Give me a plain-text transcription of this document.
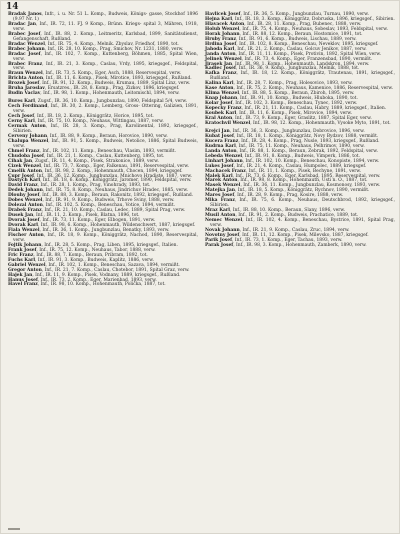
14

Bradak Janos, Infr., i. u. Nr. 51 L. Komp., Budweis, Königs- gasse, Stockhof 1896 (9.97 Nr. 1)

Bradac Jan, Inf., IR. 72, 11. FJ. 9 Komp., Brünn. Kriegs- spital 3, Mähren, 1918, verw.

Brabec Josef, Inf., IR. 88, 2. Komp., Leitmeritz, Karlsbad, 1899, Sanitätsdienst, Gefangenschaft, Rußland.

Bradac Wenzel, Inf., IR. 75, 4. Komp., Melnik. Zbyslav, Friedhof, 1890, tot.

Brabec Johann, Inf., IR. 28, 10. Komp., Prag, Smichov, Nr. 1231, 1880, verw.

Bradac Josef, Inf., IR. 102, 7. Komp., Kuttenberg, Böhmen, 1885, Spital Wien, verw.

Brabec Franz, Inf., IR. 21, 3. Komp., Caslau, Vrdy, 1895, kriegsgef., Feldspital, verw.

Braun Wenzel, Inf., IR. 73, 5. Komp., Eger, Asch, 1888, Reservespital, verw.

Brichta Anton, Inf., IR. 11, 6. Komp., Pisek, Mirotice, 1893, kriegsgef., Rußland.

Brozek Josef, Inf., IR. 91, 12. Komp., Budweis, Krumau, 1889, Spital Linz, verw.

Bruha Jaroslav, Ersatzres., IR. 28, 8. Komp., Prag, Zizkov, 1896, kriegsgef.

Budin Vaclav, Inf., IR. 98, 1. Komp., Hohenmauth, Leitomischl, 1894, verw.

Bures Karl, Zugsf., IR. 36, 10. Komp., Jungbunzlau, 1890, Feldspital 5/4, verw.

Cech Ferdinand, Inf., IR. 30, 2. Komp., Lemberg, Gross- Ottering, Galizien, 1891, verw.

Cech Josef, Inf., IR. 18, 2. Komp., Königgrätz, Horice, 1895, tot.

Cerny Karl, Inf., IR. 75, 10. Komp., Neuhaus, Wittingau, 1887, verw.

Cermak Anton, Inf., IR. 28, 3. Komp., Prag, Karolinental, 1892, kriegsgef., Sibirien.

Cerveny Johann, Inf., IR. 88, 9. Komp., Beraun, Horovice, 1890, verw.

Chalupa Wenzel, Inf., IR. 91, 5. Komp., Budweis, Netolice, 1886, Spital Budweis, verw.

Chmel Franz, Inf., IR. 102, 11. Komp., Beneschau, Vlasim, 1893, vermißt.

Chudoba Josef, Inf., IR. 21, 1. Komp., Caslau, Kuttenberg, 1895, tot.

Cihak Jan, Zugsf., IR. 11, 4. Komp., Pisek, Strakonice, 1889, verw.

Cizek Wenzel, Inf., IR. 73, 7. Komp., Eger, Falkenau, 1891, Reservespital, verw.

Cmelik Anton, Inf., IR. 98, 2. Komp., Hohenmauth, Chocen, 1894, kriegsgef.

Cupr Josef, Inf., IR. 36, 12. Komp., Jungbunzlau, Mnichovo Hradiste, 1887, verw.

Dastych Karl, Inf., IR. 18, 6. Komp., Königgrätz, Jaromer, 1890, Feldspital, verw.

David Franz, Inf., IR. 28, 1. Komp., Prag, Vinohrady, 1893, tot.

Dedek Johann, Inf., IR. 75, 8. Komp., Neuhaus, Jindrichuv Hradec, 1885, verw.

Dlouhy Josef, Inf., IR. 88, 3. Komp., Beraun, Rakonitz, 1892, kriegsgef., Rußland.

Dobes Wenzel, Inf., IR. 91, 9. Komp., Budweis, Trhove Sviny, 1888, verw.

Dolezal Anton, Inf., IR. 102, 5. Komp., Beneschau, Votice, 1894, vermißt.

Drabek Franz, Inf., IR. 21, 10. Komp., Caslau, Ledec, 1889, Spital Prag, verw.

Dusek Jan, Inf., IR. 11, 2. Komp., Pisek, Blatna, 1896, tot.

Dvorak Josef, Inf., IR. 73, 11. Komp., Eger, Elbogen, 1891, verw.

Dvorak Karl, Inf., IR. 98, 6. Komp., Hohenmauth, Wildenschwert, 1887, kriegsgef.

Fiala Wenzel, Inf., IR. 36, 1. Komp., Jungbunzlau, Benatky, 1893, verw.

Fischer Anton, Inf., IR. 18, 9. Komp., Königgrätz, Nachod, 1890, Reservespital, verw.

Fojtik Johann, Inf., IR. 28, 5. Komp., Prag, Liben, 1895, kriegsgef., Italien.

Frank Josef, Inf., IR. 75, 12. Komp., Neuhaus, Tabor, 1888, verw.

Fric Franz, Inf., IR. 88, 7. Komp., Beraun, Pribram, 1892, tot.

Fuchs Karl, Inf., IR. 91, 3. Komp., Budweis, Kaplitz, 1886, verw.

Gabriel Wenzel, Inf., IR. 102, 1. Komp., Beneschau, Sazava, 1894, vermißt.

Gregor Anton, Inf., IR. 21, 7. Komp., Caslau, Chotebor, 1891, Spital Graz, verw.

Hajek Jan, Inf., IR. 11, 9. Komp., Pisek, Vodnany, 1889, kriegsgef., Rußland.

Hanus Josef, Inf., IR. 73, 2. Komp., Eger, Marienbad, 1893, verw.

Havel Franz, Inf., IR. 98, 10. Komp., Hohenmauth, Polička, 1887, tot.

Havlicek Josef, Inf., IR. 36, 5. Komp., Jungbunzlau, Turnau, 1890, verw.

Hejna Karl, Inf., IR. 18, 3. Komp., Königgrätz, Dobruska, 1896, kriegsgef., Sibirien.

Hlavacek Anton, Inf., IR. 28, 11. Komp., Prag, Bubenec, 1888, verw.

Holub Wenzel, Inf., IR. 75, 4. Komp., Neuhaus, Sobeslav, 1893, Feldspital, verw.

Horak Johann, Inf., IR. 88, 12. Komp., Beraun, Hostomice, 1891, tot.

Hruby Franz, Inf., IR. 91, 6. Komp., Budweis, Lischau, 1889, verw.

Hrdina Josef, Inf., IR. 102, 8. Komp., Beneschau, Neveklov, 1895, kriegsgef.

Jahoda Karl, Inf., IR. 21, 2. Komp., Caslau, Golcuv Jenikov, 1887, verw.

Janda Anton, Inf., IR. 11, 11. Komp., Pisek, Protivin, 1892, Spital Wien, verw.

Jelinek Wenzel, Inf., IR. 73, 4. Komp., Eger, Franzensbad, 1890, vermißt.

Jirasek Jan, Inf., IR. 98, 1. Komp., Hohenmauth, Landskron, 1894, verw.

Kadlec Josef, Inf., IR. 36, 9. Komp., Jungbunzlau, Melnik, 1888, tot.

Kafka Franz, Inf., IR. 18, 12. Komp., Königgrätz, Trautenau, 1891, kriegsgef., Rußland.

Kalina Karl, Inf., IR. 28, 7. Komp., Prag, Holesovice, 1893, verw.

Kase Anton, Inf., IR. 75, 2. Komp., Neuhaus, Kamenice, 1886, Reservespital, verw.

Klima Wenzel, Inf., IR. 88, 5. Komp., Beraun, Zbiroh, 1895, verw.

Knap Johann, Inf., IR. 91, 10. Komp., Budweis, Hluboka, 1890, tot.

Kolar Josef, Inf., IR. 102, 3. Komp., Beneschau, Tynec, 1892, verw.

Kopecky Franz, Inf., IR. 21, 11. Komp., Caslau, Habry, 1889, kriegsgef., Italien.

Koubek Karl, Inf., IR. 11, 6. Komp., Pisek, Mirovice, 1894, verw.

Kral Anton, Inf., IR. 73, 9. Komp., Eger, Graslitz, 1887, Spital Eger, verw.

Kratochvil Wenzel, Inf., IR. 98, 12. Komp., Hohenmauth, Vysoke Myto, 1891, tot.

Krejci Jan, Inf., IR. 36, 3. Komp., Jungbunzlau, Dobrovice, 1896, verw.

Kubat Josef, Inf., IR. 18, 1. Komp., Königgrätz, Novy Bydzov, 1888, vermißt.

Kucera Franz, Inf., IR. 28, 4. Komp., Prag, Nusle, 1893, kriegsgef., Rußland.

Kudrna Karl, Inf., IR. 75, 11. Komp., Neuhaus, Pelhrimov, 1890, verw.

Landa Anton, Inf., IR. 88, 1. Komp., Beraun, Zebrak, 1892, Feldspital, verw.

Lebeda Wenzel, Inf., IR. 91, 8. Komp., Budweis, Vimperk, 1886, tot.

Linhart Johann, Inf., IR. 102, 10. Komp., Beneschau, Konopiste, 1894, verw.

Lukes Josef, Inf., IR. 21, 4. Komp., Caslau, Humpolec, 1889, kriegsgef.

Machacek Franz, Inf., IR. 11, 1. Komp., Pisek, Bechyne, 1891, verw.

Malek Karl, Inf., IR. 73, 6. Komp., Eger, Karlsbad, 1895, Reservespital, verw.

Marek Anton, Inf., IR. 98, 8. Komp., Hohenmauth, Usti n. O., 1887, tot.

Masek Wenzel, Inf., IR. 36, 11. Komp., Jungbunzlau, Kosmonosy, 1893, verw.

Matejka Jan, Inf., IR. 18, 5. Komp., Königgrätz, Rychnov, 1890, vermißt.

Mares Josef, Inf., IR. 28, 9. Komp., Prag, Kosire, 1888, verw.

Mika Franz, Inf., IR. 75, 6. Komp., Neuhaus, Deutschbrod, 1892, kriegsgef., Sibirien.

Mraz Karl, Inf., IR. 88, 10. Komp., Beraun, Slany, 1896, verw.

Musil Anton, Inf., IR. 91, 2. Komp., Budweis, Prachatice, 1889, tot.

Nemec Wenzel, Inf., IR. 102, 4. Komp., Beneschau, Bystrice, 1891, Spital Prag, verw.

Novak Johann, Inf., IR. 21, 9. Komp., Caslau, Zruc, 1894, verw.

Novotny Josef, Inf., IR. 11, 12. Komp., Pisek, Milevsko, 1887, kriegsgef.

Parik Josef, Inf., IR. 73, 1. Komp., Eger, Tachau, 1893, verw.

Parak Josef, Inf., IR. 98, 3. Komp., Hohenmauth, Zamberk, 1890, verw.
